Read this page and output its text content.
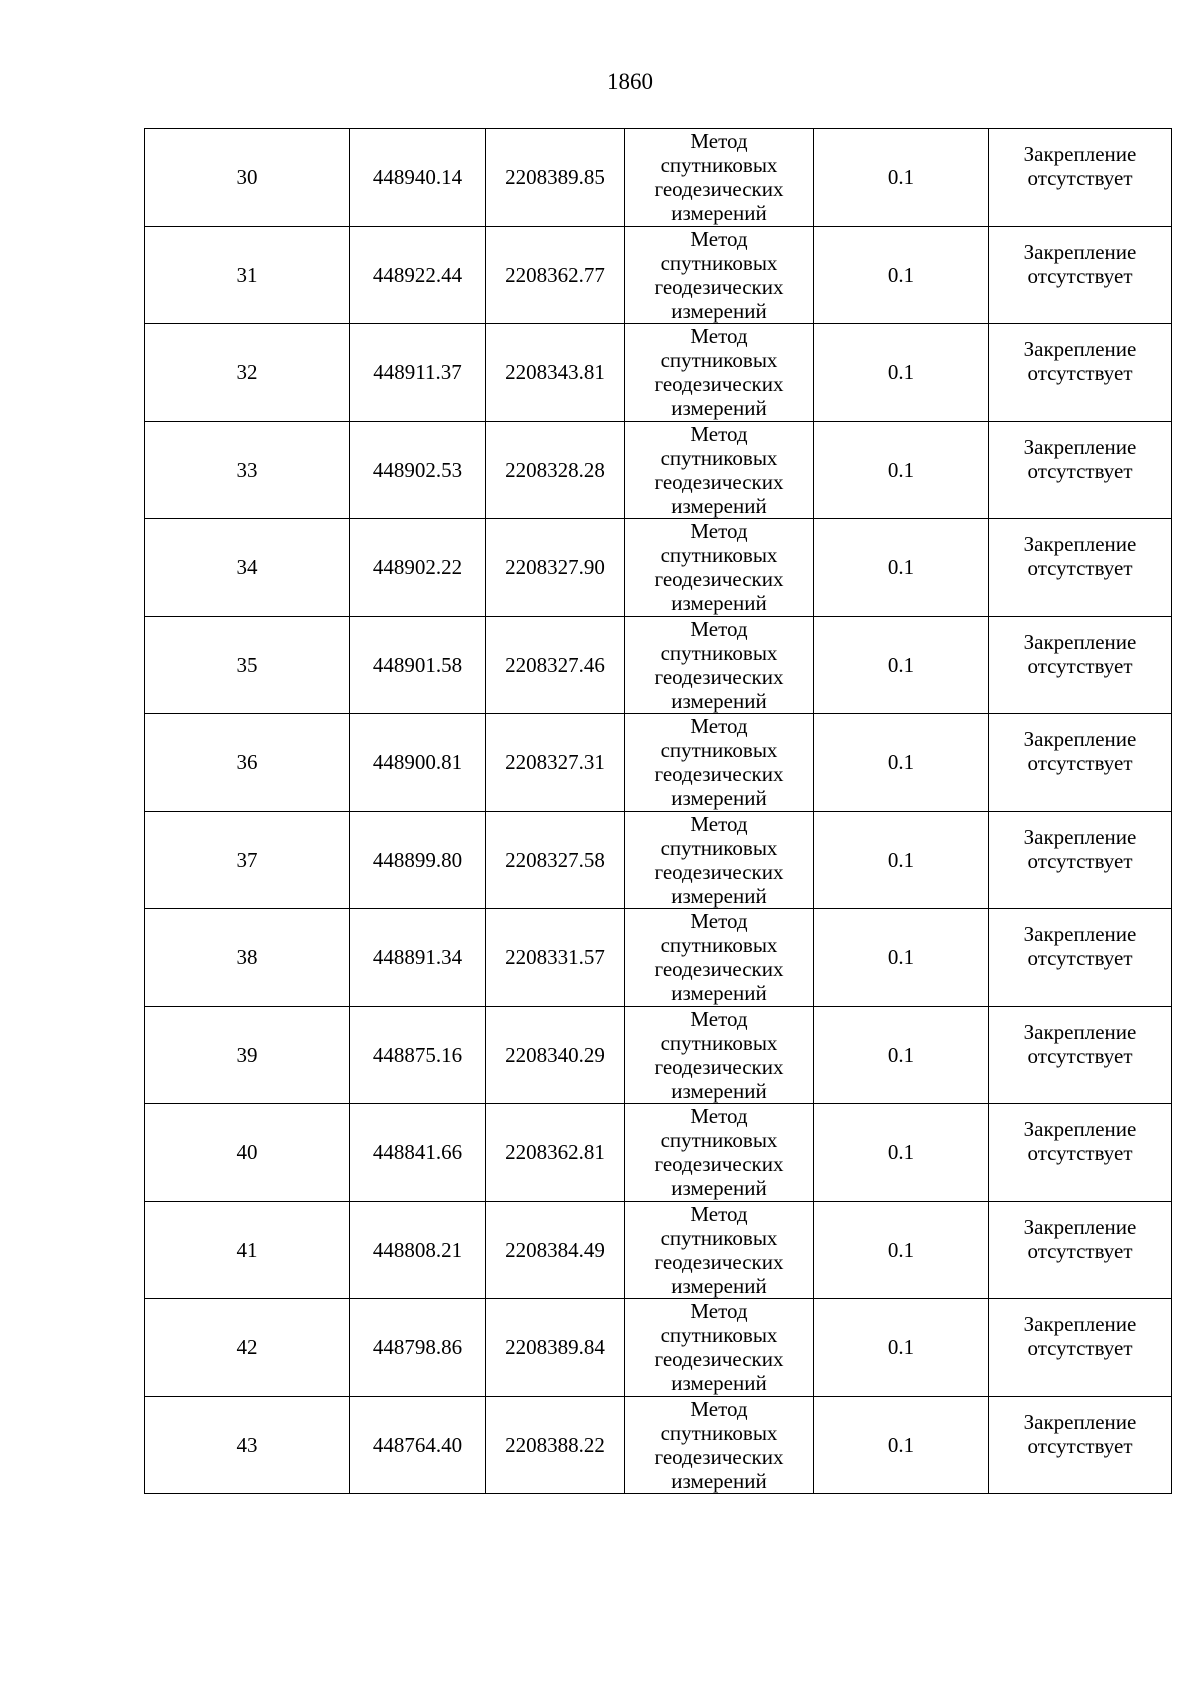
1860
30	448940.14	2208389.85	Метод спутниковых геодезических измерений	0.1	Закрепление отсутствует
31	448922.44	2208362.77	Метод спутниковых геодезических измерений	0.1	Закрепление отсутствует
32	448911.37	2208343.81	Метод спутниковых геодезических измерений	0.1	Закрепление отсутствует
33	448902.53	2208328.28	Метод спутниковых геодезических измерений	0.1	Закрепление отсутствует
34	448902.22	2208327.90	Метод спутниковых геодезических измерений	0.1	Закрепление отсутствует
35	448901.58	2208327.46	Метод спутниковых геодезических измерений	0.1	Закрепление отсутствует
36	448900.81	2208327.31	Метод спутниковых геодезических измерений	0.1	Закрепление отсутствует
37	448899.80	2208327.58	Метод спутниковых геодезических измерений	0.1	Закрепление отсутствует
38	448891.34	2208331.57	Метод спутниковых геодезических измерений	0.1	Закрепление отсутствует
39	448875.16	2208340.29	Метод спутниковых геодезических измерений	0.1	Закрепление отсутствует
40	448841.66	2208362.81	Метод спутниковых геодезических измерений	0.1	Закрепление отсутствует
41	448808.21	2208384.49	Метод спутниковых геодезических измерений	0.1	Закрепление отсутствует
42	448798.86	2208389.84	Метод спутниковых геодезических измерений	0.1	Закрепление отсутствует
43	448764.40	2208388.22	Метод спутниковых геодезических измерений	0.1	Закрепление отсутствует
